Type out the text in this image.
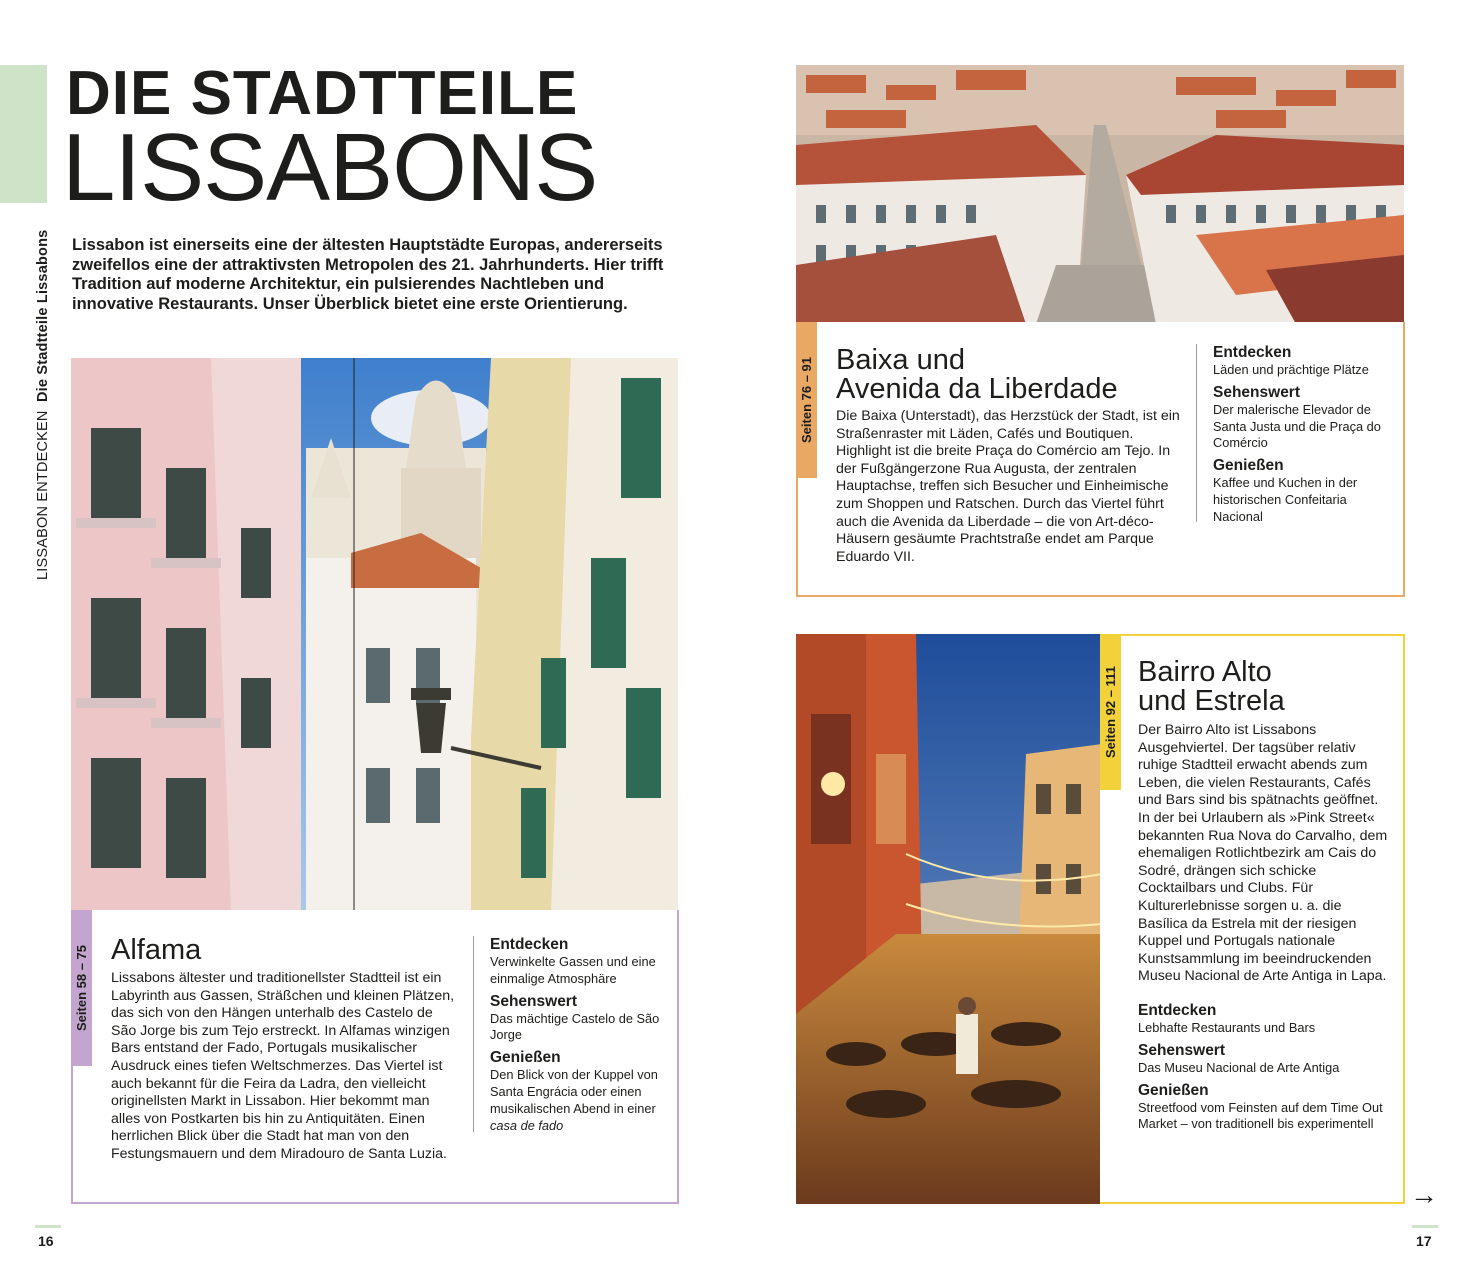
LISSABON ENTDECKEN

Die Stadtteile Lissabons
DIE STADTTEILE
LISSABONS
Lissabon ist einerseits eine der ältesten Hauptstädte Europas, andererseits zweifellos eine der attraktivsten Metropolen des 21. Jahrhunderts. Hier trifft Tradition auf moderne Architektur, ein pulsierendes Nachtleben und innovative Restaurants. Unser Überblick bietet eine erste Orientierung.
Seiten 58 – 75 Alfama
Lissabons ältester und traditionellster Stadtteil ist ein Labyrinth aus Gassen, Sträßchen und kleinen Plätzen, das sich von den Hängen unterhalb des Castelo de São Jorge bis zum Tejo erstreckt. In Alfamas winzigen Bars entstand der Fado, Portugals musikalischer Ausdruck eines tiefen Weltschmerzes. Das Viertel ist auch bekannt für die Feira da Ladra, den vielleicht originellsten Markt in Lissabon. Hier bekommt man alles von Postkarten bis hin zu Antiquitäten. Einen herrlichen Blick über die Stadt hat man von den Festungsmauern und dem Miradouro de Santa Luzia.
Entdecken
Verwinkelte Gassen und eine einmalige Atmosphäre
Sehenswert
Das mächtige Castelo de São Jorge
Genießen
Den Blick von der Kuppel von Santa Engrácia oder einen musikalischen Abend in einer casa de fado
Seiten 76 – 91 Baixa und
Avenida da Liberdade
Die Baixa (Unterstadt), das Herzstück der Stadt, ist ein Straßenraster mit Läden, Cafés und Boutiquen. Highlight ist die breite Praça do Comércio am Tejo. In der Fußgängerzone Rua Augusta, der zentralen Hauptachse, treffen sich Besucher und Einheimische zum Shoppen und Ratschen. Durch das Viertel führt auch die Avenida da Liberdade – die von Art-déco-Häusern gesäumte Prachtstraße endet am Parque Eduardo VII.
Entdecken
Läden und prächtige Plätze
Sehenswert
Der malerische Elevador de Santa Justa und die Praça do Comércio
Genießen
Kaffee und Kuchen in der historischen Confeitaria Nacional
Seiten 92 – 111 Bairro Alto
und Estrela
Der Bairro Alto ist Lissabons Ausgehviertel. Der tagsüber relativ ruhige Stadtteil erwacht abends zum Leben, die vielen Restaurants, Cafés und Bars sind bis spätnachts geöffnet. In der bei Urlaubern als »Pink Street« bekannten Rua Nova do Carvalho, dem ehemaligen Rotlichtbezirk am Cais do Sodré, drängen sich schicke Cocktailbars und Clubs. Für Kulturerlebnisse sorgen u. a. die Basílica da Estrela mit der riesigen Kuppel und Portugals nationale Kunstsammlung im beeindruckenden Museu Nacional de Arte Antiga in Lapa.
Entdecken
Lebhafte Restaurants und Bars
Sehenswert
Das Museu Nacional de Arte Antiga
Genießen
Streetfood vom Feinsten auf dem Time Out Market – von traditionell bis experimentell
→
16	17
